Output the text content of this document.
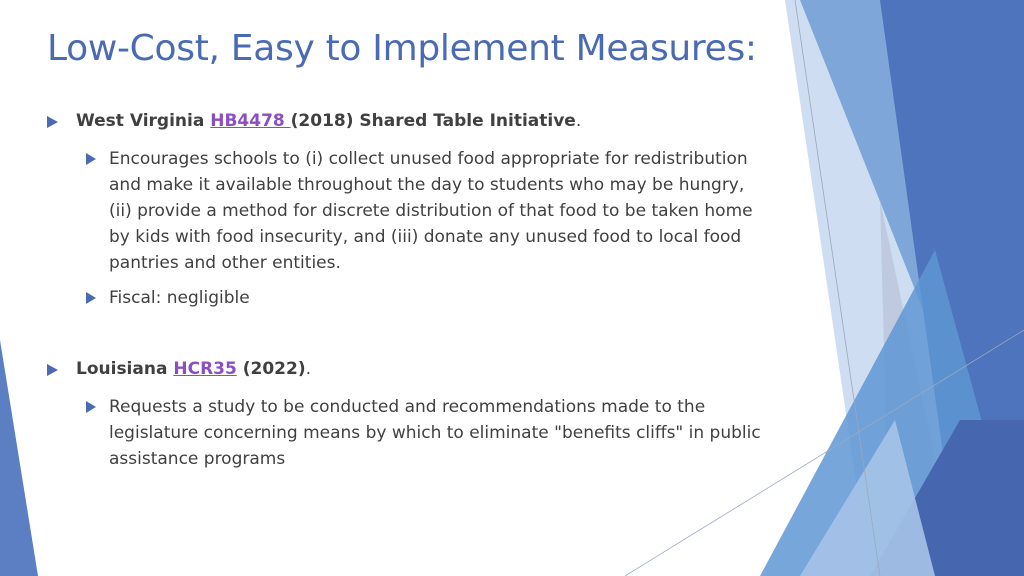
Low-Cost, Easy to Implement Measures:
West Virginia HB4478 (2018) Shared Table Initiative.
Encourages schools to (i) collect unused food appropriate for redistribution
and make it available throughout the day to students who may be hungry,
(ii) provide a method for discrete distribution of that food to be taken home
by kids with food insecurity, and (iii) donate any unused food to local food
pantries and other entities.
Fiscal: negligible
Louisiana HCR35 (2022).
Requests a study to be conducted and recommendations made to the
legislature concerning means by which to eliminate "benefits cliffs" in public
assistance programs
